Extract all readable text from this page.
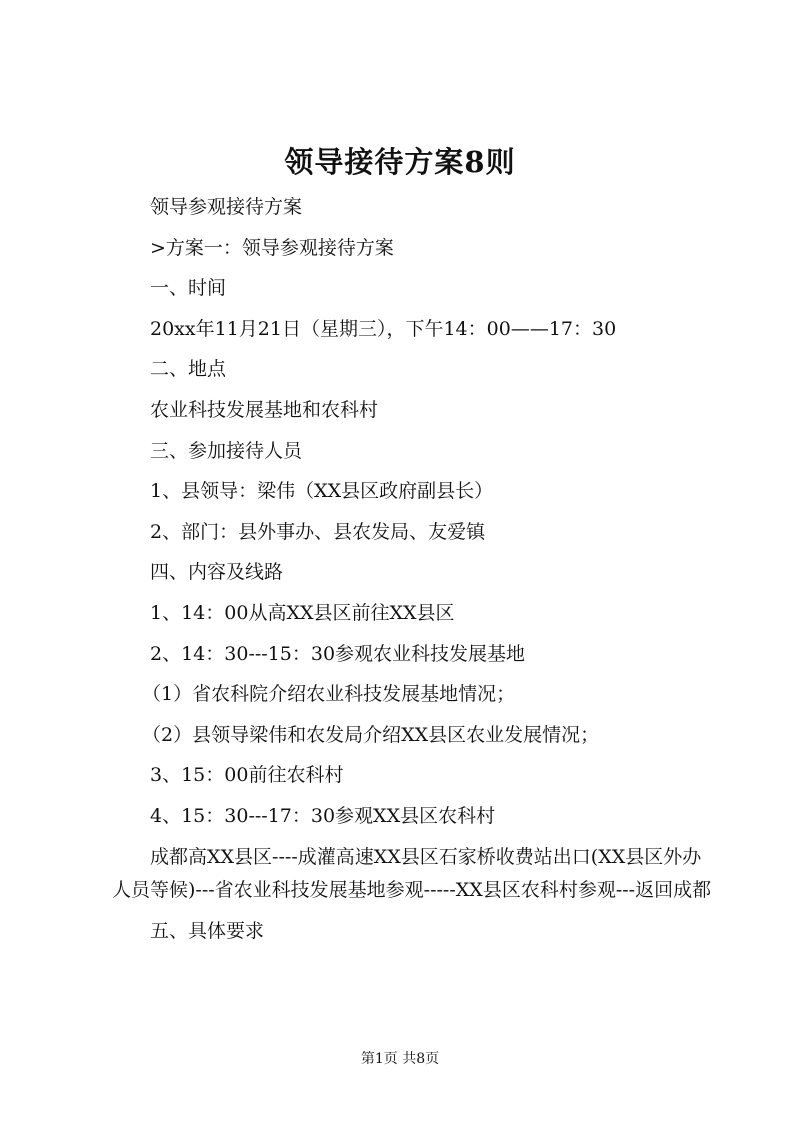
领导接待方案8则
领导参观接待方案
>方案一：领导参观接待方案
一、时间
20xx年11月21日（星期三），下午14：00——17：30
二、地点
农业科技发展基地和农科村
三、参加接待人员
1、县领导：梁伟（XX县区政府副县长）
2、部门：县外事办、县农发局、友爱镇
四、内容及线路
1、14：00从高XX县区前往XX县区
2、14：30---15：30参观农业科技发展基地
（1）省农科院介绍农业科技发展基地情况；
（2）县领导梁伟和农发局介绍XX县区农业发展情况；
3、15：00前往农科村
4、15：30---17：30参观XX县区农科村
成都高XX县区----成灌高速XX县区石家桥收费站出口(XX县区外办人员等候)---省农业科技发展基地参观-----XX县区农科村参观---返回成都
五、具体要求
第1页 共8页
